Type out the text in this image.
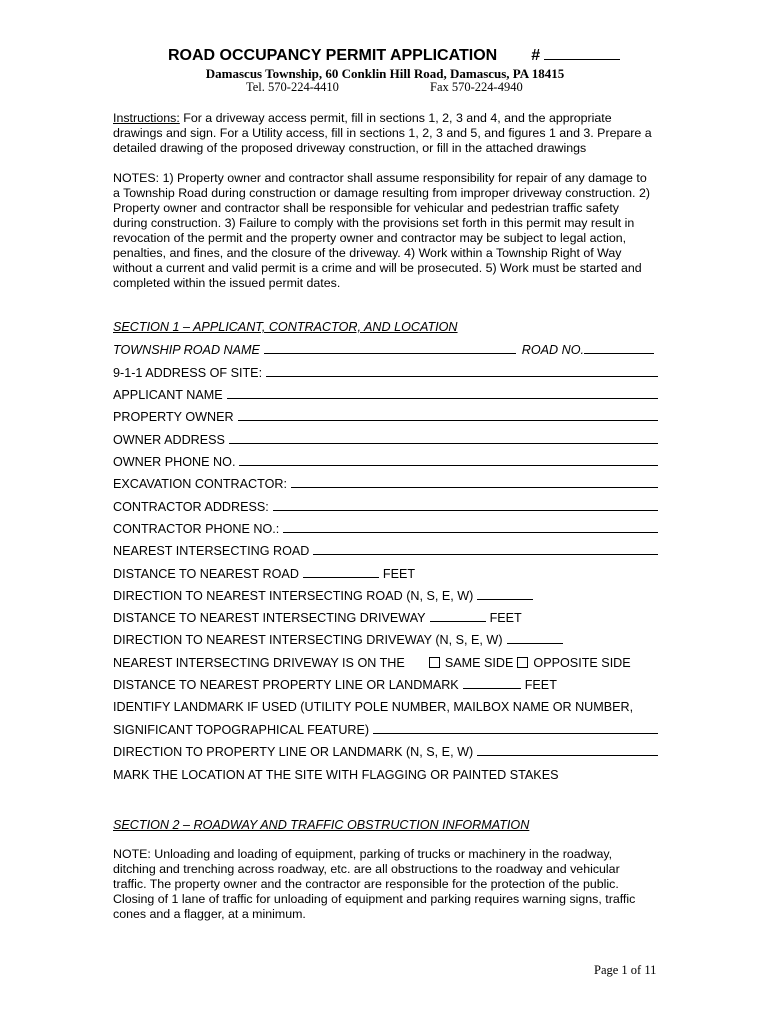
ROAD OCCUPANCY PERMIT APPLICATION #
Damascus Township, 60 Conklin Hill Road, Damascus, PA 18415
Tel. 570-224-4410	Fax 570-224-4940

Instructions: For a driveway access permit, fill in sections 1, 2, 3 and 4, and the appropriate drawings and sign. For a Utility access, fill in sections 1, 2, 3 and 5, and figures 1 and 3. Prepare a detailed drawing of the proposed driveway construction, or fill in the attached drawings

NOTES: 1) Property owner and contractor shall assume responsibility for repair of any damage to a Township Road during construction or damage resulting from improper driveway construction. 2) Property owner and contractor shall be responsible for vehicular and pedestrian traffic safety during construction. 3) Failure to comply with the provisions set forth in this permit may result in revocation of the permit and the property owner and contractor may be subject to legal action, penalties, and fines, and the closure of the driveway. 4) Work within a Township Right of Way without a current and valid permit is a crime and will be prosecuted. 5) Work must be started and completed within the issued permit dates.

SECTION 1 – APPLICANT, CONTRACTOR, AND LOCATION
TOWNSHIP ROAD NAME	ROAD NO.
9-1-1 ADDRESS OF SITE:
APPLICANT NAME
PROPERTY OWNER
OWNER ADDRESS
OWNER PHONE NO.
EXCAVATION CONTRACTOR:
CONTRACTOR ADDRESS:
CONTRACTOR PHONE NO.:
NEAREST INTERSECTING ROAD
DISTANCE TO NEAREST ROAD	FEET
DIRECTION TO NEAREST INTERSECTING ROAD (N, S, E, W)
DISTANCE TO NEAREST INTERSECTING DRIVEWAY	FEET
DIRECTION TO NEAREST INTERSECTING DRIVEWAY (N, S, E, W)
NEAREST INTERSECTING DRIVEWAY IS ON THE	SAME SIDE OPPOSITE SIDE
DISTANCE TO NEAREST PROPERTY LINE OR LANDMARK	FEET
IDENTIFY LANDMARK IF USED (UTILITY POLE NUMBER, MAILBOX NAME OR NUMBER,
SIGNIFICANT TOPOGRAPHICAL FEATURE)
DIRECTION TO PROPERTY LINE OR LANDMARK (N, S, E, W)
MARK THE LOCATION AT THE SITE WITH FLAGGING OR PAINTED STAKES
SECTION 2 – ROADWAY AND TRAFFIC OBSTRUCTION INFORMATION

NOTE: Unloading and loading of equipment, parking of trucks or machinery in the roadway, ditching and trenching across roadway, etc. are all obstructions to the roadway and vehicular traffic. The property owner and the contractor are responsible for the protection of the public. Closing of 1 lane of traffic for unloading of equipment and parking requires warning signs, traffic cones and a flagger, at a minimum.

Page 1 of 11
